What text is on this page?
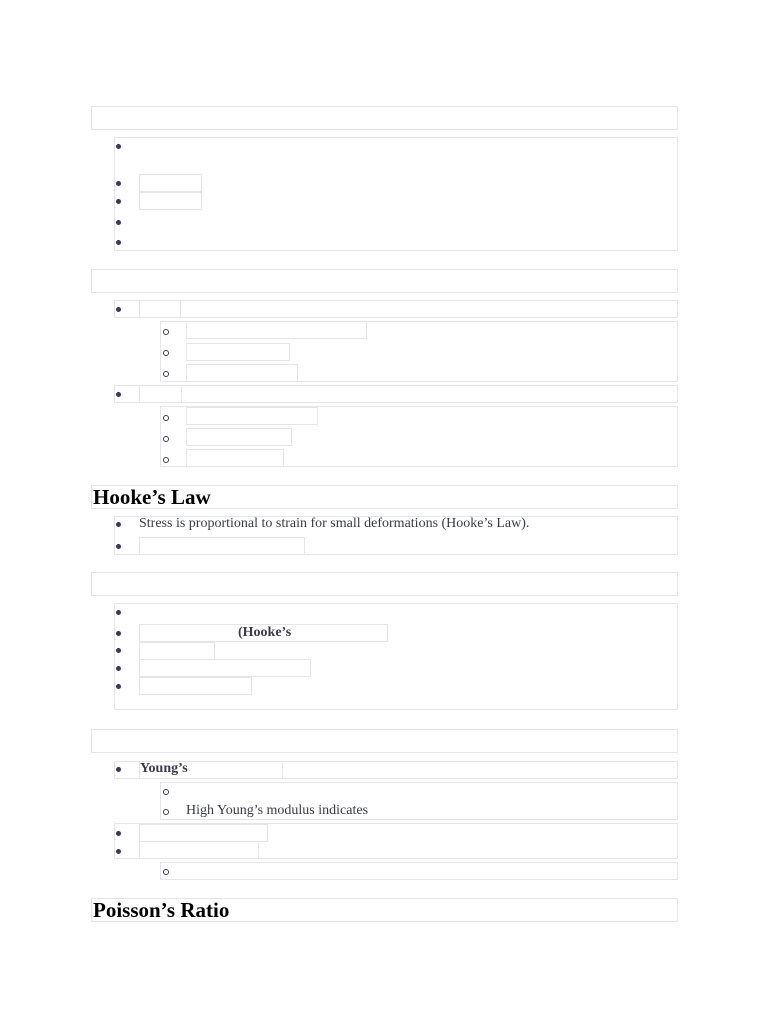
Hooke’s Law
Stress is proportional to strain for small deformations (Hooke’s Law).
(Hooke’s
Young’s
High Young’s modulus indicates
Poisson’s Ratio
